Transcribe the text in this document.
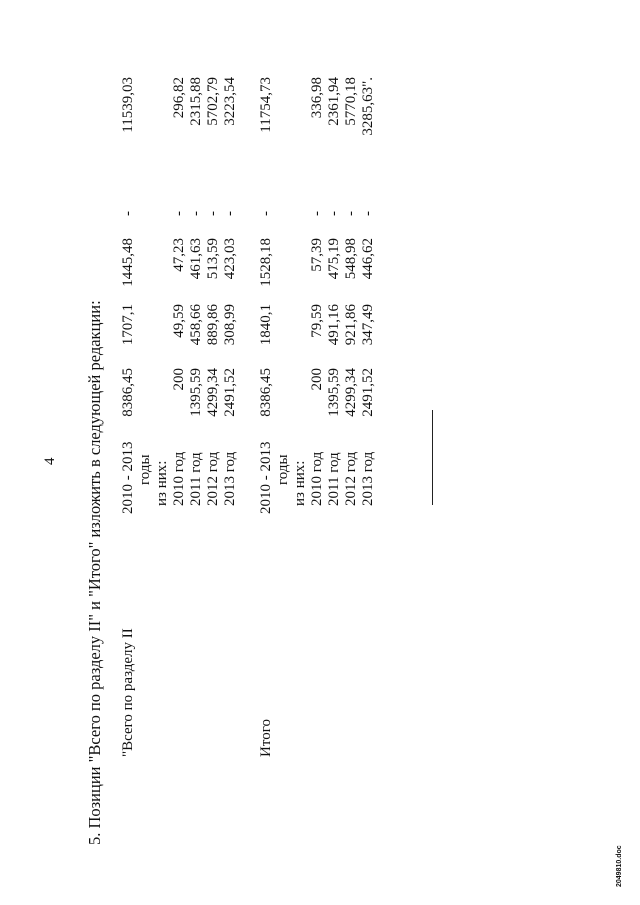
4 5. Позиции "Всего по разделу II" и "Итого" изложить в следующей редакции: "Всего по разделу II
2010 - 2013 годы
8386,45
1707,1
1445,48
-
11539,03
из них: 2010 год
200
49,59
47,23
-
296,82
2011 год
1395,59
458,66
461,63
-
2315,88
2012 год
4299,34
889,86
513,59
-
5702,79
2013 год
2491,52
308,99
423,03
-
3223,54
Итого
2010 - 2013 годы
8386,45
1840,1
1528,18
-
11754,73
из них: 2010 год
200
79,59
57,39
-
336,98
2011 год
1395,59
491,16
475,19
-
2361,94
2012 год
4299,34
921,86
548,98
-
5770,18
2013 год
2491,52
347,49
446,62
-
3285,63".
2049810.doc
